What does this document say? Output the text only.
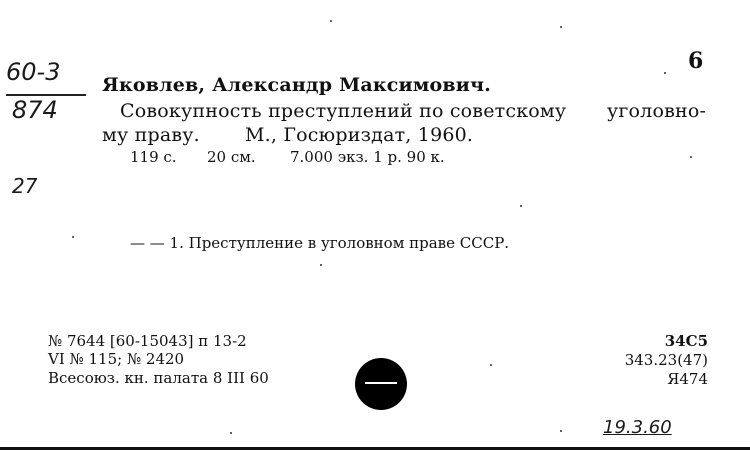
6
60-3
874
27
Яковлев, Александр Максимович.
Совокупность преступлений по советскому уголовно-
му праву. М., Госюриздат, 1960.
119 с. 20 см. 7.000 экз. 1 р. 90 к.
— — 1. Преступление в уголовном праве СССР.
№ 7644 [60-15043] п 13-2
VI № 115; № 2420
Всесоюз. кн. палата 8 III 60
34С5
343.23(47)
Я474
19.3.60
